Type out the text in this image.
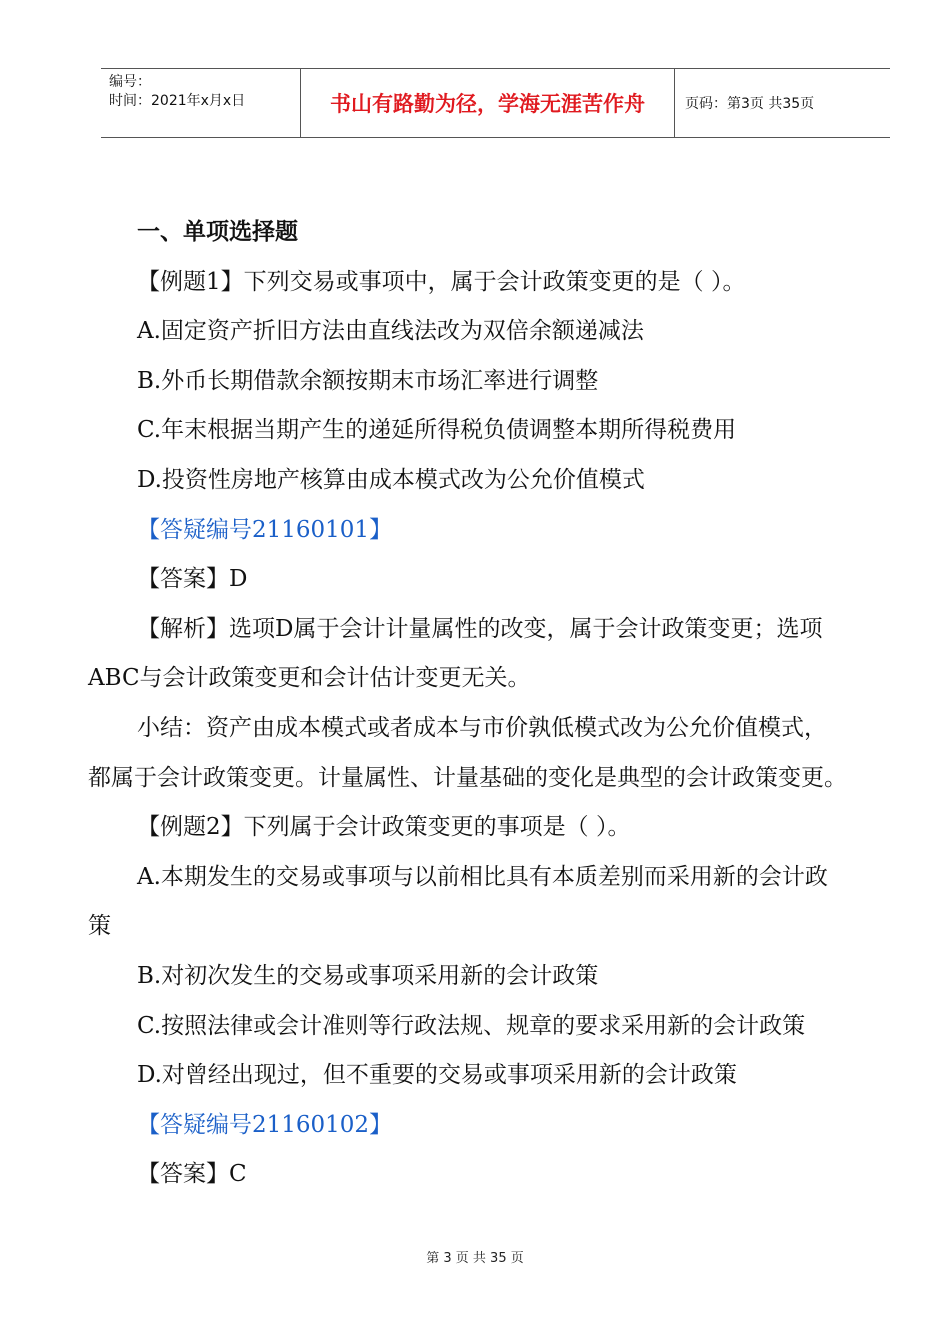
编号：
时间：2021年x月x日	书山有路勤为径，学海无涯苦作舟	页码：第3页 共35页
一、单项选择题
【例题1】下列交易或事项中，属于会计政策变更的是（ ）。
A.固定资产折旧方法由直线法改为双倍余额递减法
B.外币长期借款余额按期末市场汇率进行调整
C.年末根据当期产生的递延所得税负债调整本期所得税费用
D.投资性房地产核算由成本模式改为公允价值模式
【答疑编号21160101】
【答案】D
【解析】选项D属于会计计量属性的改变，属于会计政策变更；选项
ABC与会计政策变更和会计估计变更无关。
小结：资产由成本模式或者成本与市价孰低模式改为公允价值模式，
都属于会计政策变更。计量属性、计量基础的变化是典型的会计政策变更。
【例题2】下列属于会计政策变更的事项是（ ）。
A.本期发生的交易或事项与以前相比具有本质差别而采用新的会计政
策
B.对初次发生的交易或事项采用新的会计政策
C.按照法律或会计准则等行政法规、规章的要求采用新的会计政策
D.对曾经出现过，但不重要的交易或事项采用新的会计政策
【答疑编号21160102】
【答案】C
第 3 页 共 35 页
